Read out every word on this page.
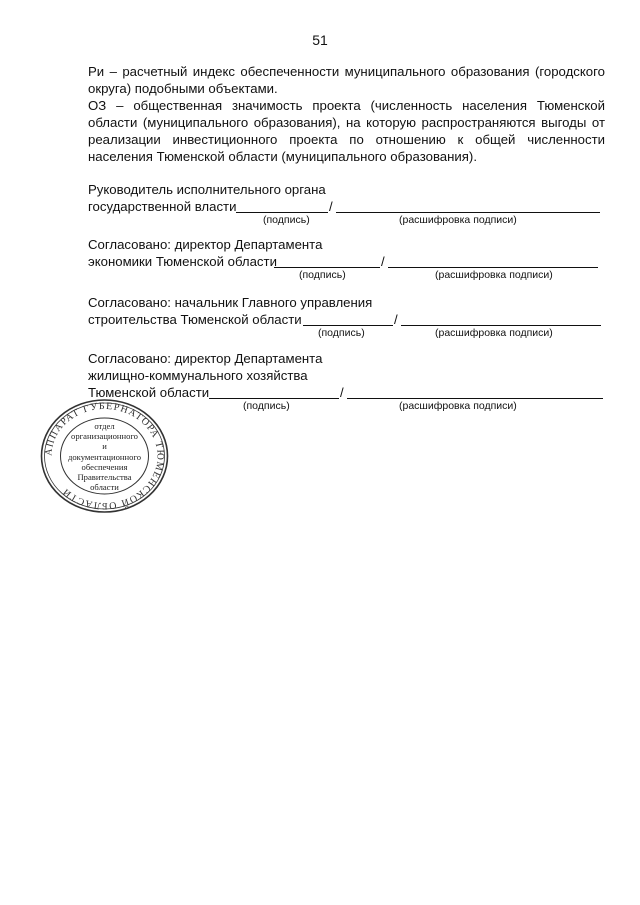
51

Ри – расчетный индекс обеспеченности муниципального образования (городского округа) подобными объектами.

ОЗ – общественная значимость проекта (численность населения Тюменской области (муниципального образования), на которую распространяются выгоды от реализации инвестиционного проекта по отношению к общей численности населения Тюменской области (муниципального образования).

Руководитель исполнительного органа
государственной власти	/
(подпись)	(расшифровка подписи)
Согласовано: директор Департамента
экономики Тюменской области	/
(подпись)	(расшифровка подписи)
Согласовано: начальник Главного управления
строительства Тюменской области	/
(подпись)	(расшифровка подписи)
Согласовано: директор Департамента
жилищно-коммунального хозяйства
Тюменской области	/
(подпись)	(расшифровка подписи)
АППАРАТ ГУБЕРНАТОРА ТЮМЕНСКОЙ ОБЛАСТИ
отдел
организационного
и
документационного
обеспечения
Правительства
области
